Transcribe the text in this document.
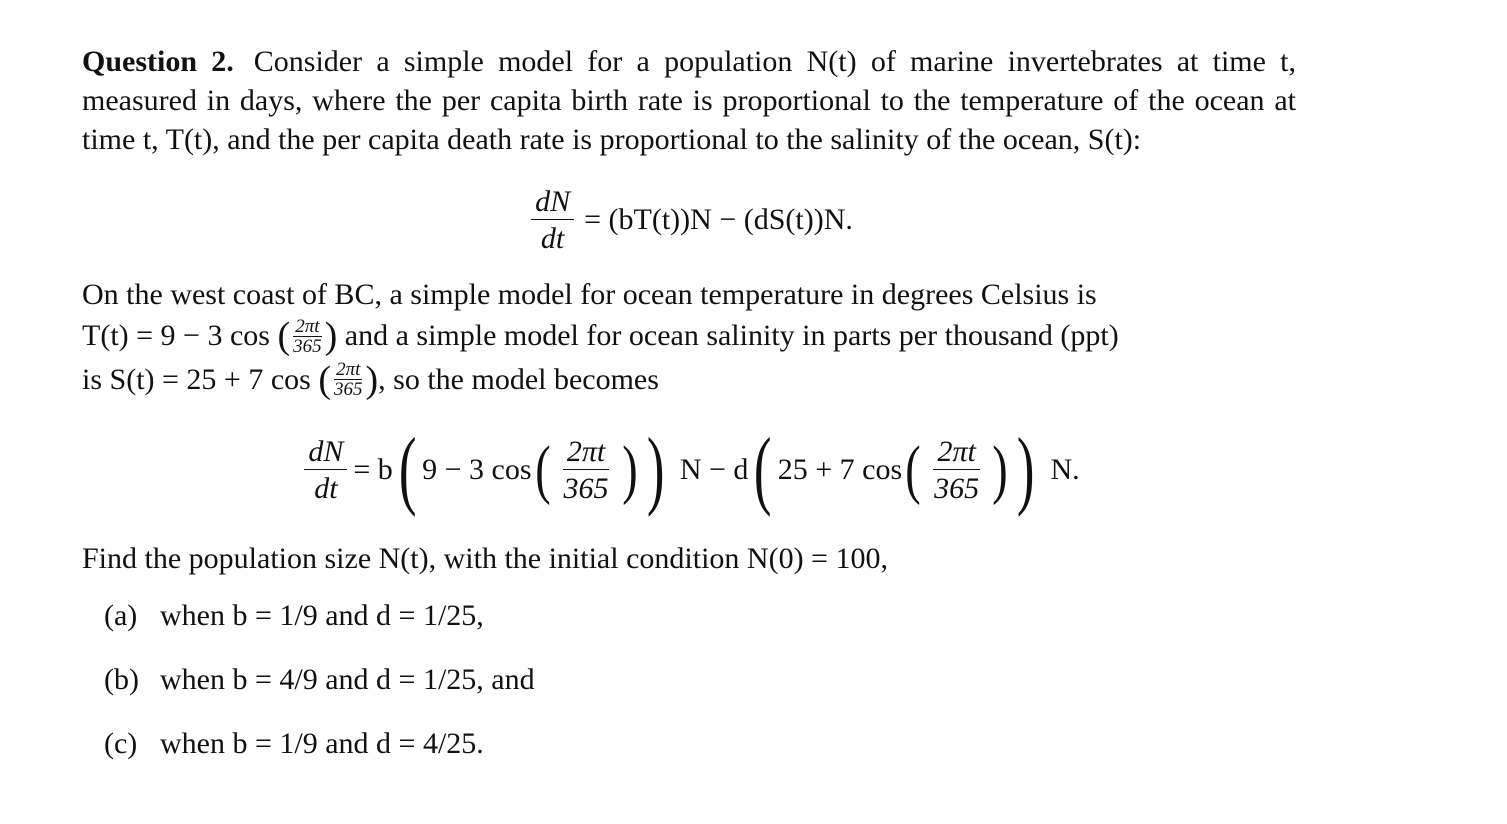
Question 2. Consider a simple model for a population N(t) of marine invertebrates at time t, measured in days, where the per capita birth rate is proportional to the temperature of the ocean at time t, T(t), and the per capita death rate is proportional to the salinity of the ocean, S(t):

$\frac{dN}{dt} = (bT(t))N - (dS(t))N$.

On the west coast of BC, a simple model for ocean temperature in degrees Celsius is
T(t) = 9 − 3 cos ( $\frac{2\pi t}{365}$ ) and a simple model for ocean salinity in parts per thousand (ppt)
is S(t) = 25 + 7 cos ( $\frac{2\pi t}{365}$ ), so the model becomes

$\frac{dN}{dt} = b$ ( 9 − 3 cos ( $\frac{2\pi t}{365}$ ) ) N − d ( 25 + 7 cos ( $\frac{2\pi t}{365}$ ) ) N.

Find the population size N(t), with the initial condition N(0) = 100,

(a) when b = 1/9 and d = 1/25,
(b) when b = 4/9 and d = 1/25, and
(c) when b = 1/9 and d = 4/25.
